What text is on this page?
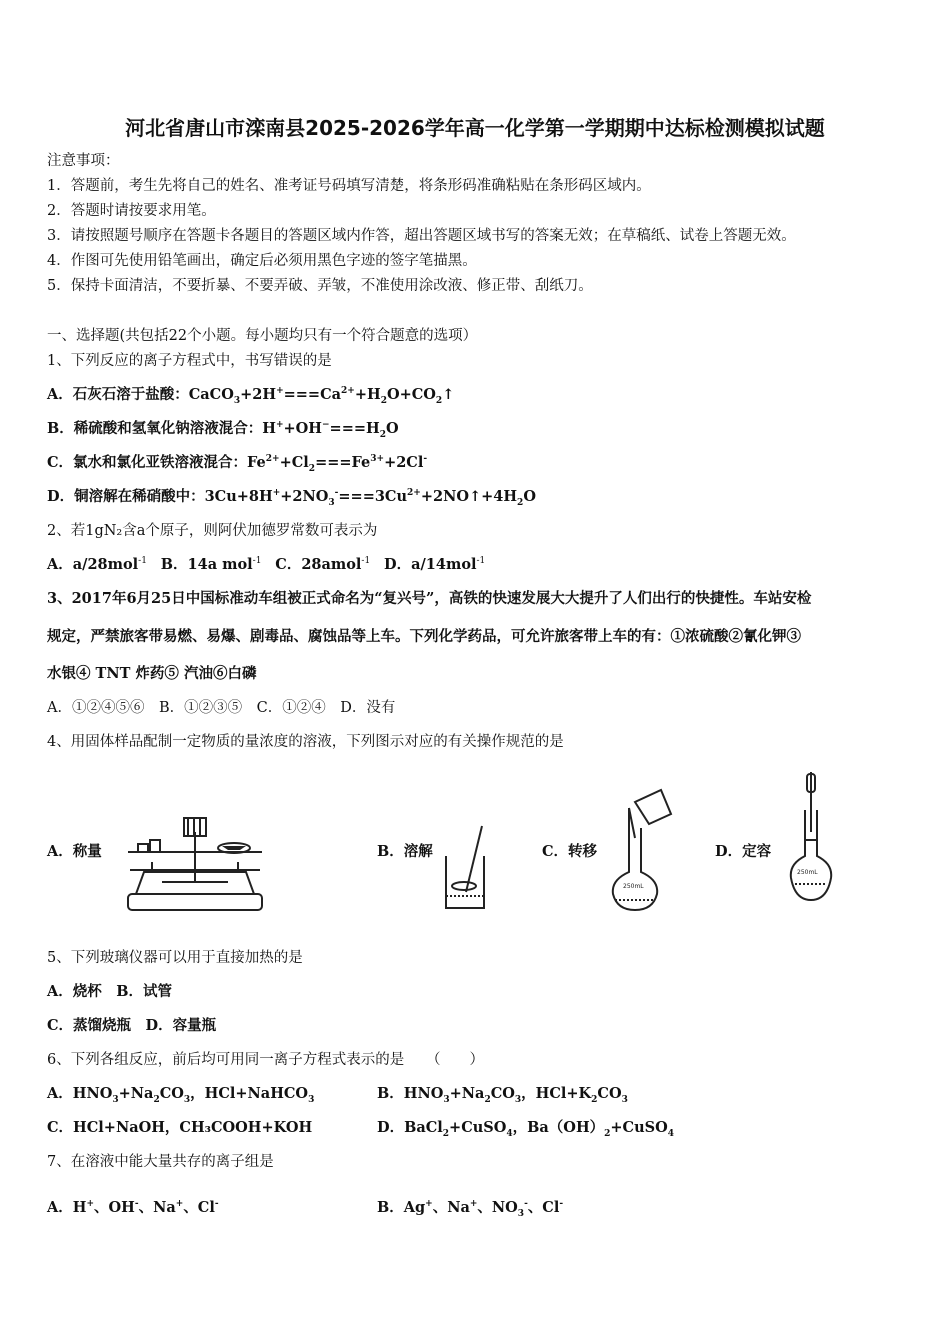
河北省唐山市滦南县2025-2026学年高一化学第一学期期中达标检测模拟试题
注意事项：
1．答题前，考生先将自己的姓名、准考证号码填写清楚，将条形码准确粘贴在条形码区域内。
2．答题时请按要求用笔。
3．请按照题号顺序在答题卡各题目的答题区域内作答，超出答题区域书写的答案无效；在草稿纸、试卷上答题无效。
4．作图可先使用铅笔画出，确定后必须用黑色字迹的签字笔描黑。
5．保持卡面清洁，不要折暴、不要弄破、弄皱，不准使用涂改液、修正带、刮纸刀。
一、选择题(共包括22个小题。每小题均只有一个符合题意的选项）
1、下列反应的离子方程式中，书写错误的是
A．石灰石溶于盐酸：$CaCO_3+2H^+===Ca^{2+}+H_2O+CO_2↑$
B．稀硫酸和氢氧化钠溶液混合：$H^++OH^-===H_2O$
C．氯水和氯化亚铁溶液混合：$Fe^{2+}+Cl_2===Fe^{3+}+2Cl^-$
D．铜溶解在稀硝酸中：$3Cu+8H^++2NO_3^-===3Cu^{2+}+2NO↑+4H_2O$
2、若1gN₂含a个原子，则阿伏加德罗常数可表示为
A．a/28mol$^{-1}$ B．14a mol$^{-1}$ C．28amol$^{-1}$ D．a/14mol$^{-1}$
3、2017年6月25日中国标准动车组被正式命名为“复兴号”，高铁的快速发展大大提升了人们出行的快捷性。车站安检
规定，严禁旅客带易燃、易爆、剧毒品、腐蚀品等上车。下列化学药品，可允许旅客带上车的有：①浓硫酸②氰化钾③
水银④ TNT 炸药⑤ 汽油⑥白磷
A．①②④⑤⑥　B．①②③⑤　C．①②④　D．没有
4、用固体样品配制一定物质的量浓度的溶液，下列图示对应的有关操作规范的是
A．称量	B．溶解	C．转移
250mL
D．定容
250mL
5、下列玻璃仪器可以用于直接加热的是
A．烧杯　B．试管
C．蒸馏烧瓶　D．容量瓶
6、下列各组反应，前后均可用同一离子方程式表示的是　　（　　）
A．$HNO_3+Na_2CO_3$，HCl+NaHCO$_3$	B．$HNO_3+Na_2CO_3$，$HCl+K_2CO_3$
C．HCl+NaOH，CH₃COOH+KOH	D．BaCl$_2$+CuSO$_4$，$Ba(OH)_2+CuSO_4$
7、在溶液中能大量共存的离子组是
A．H+、OH-、Na+、Cl-	B．Ag+、Na+、$NO_3^-$、Cl-
